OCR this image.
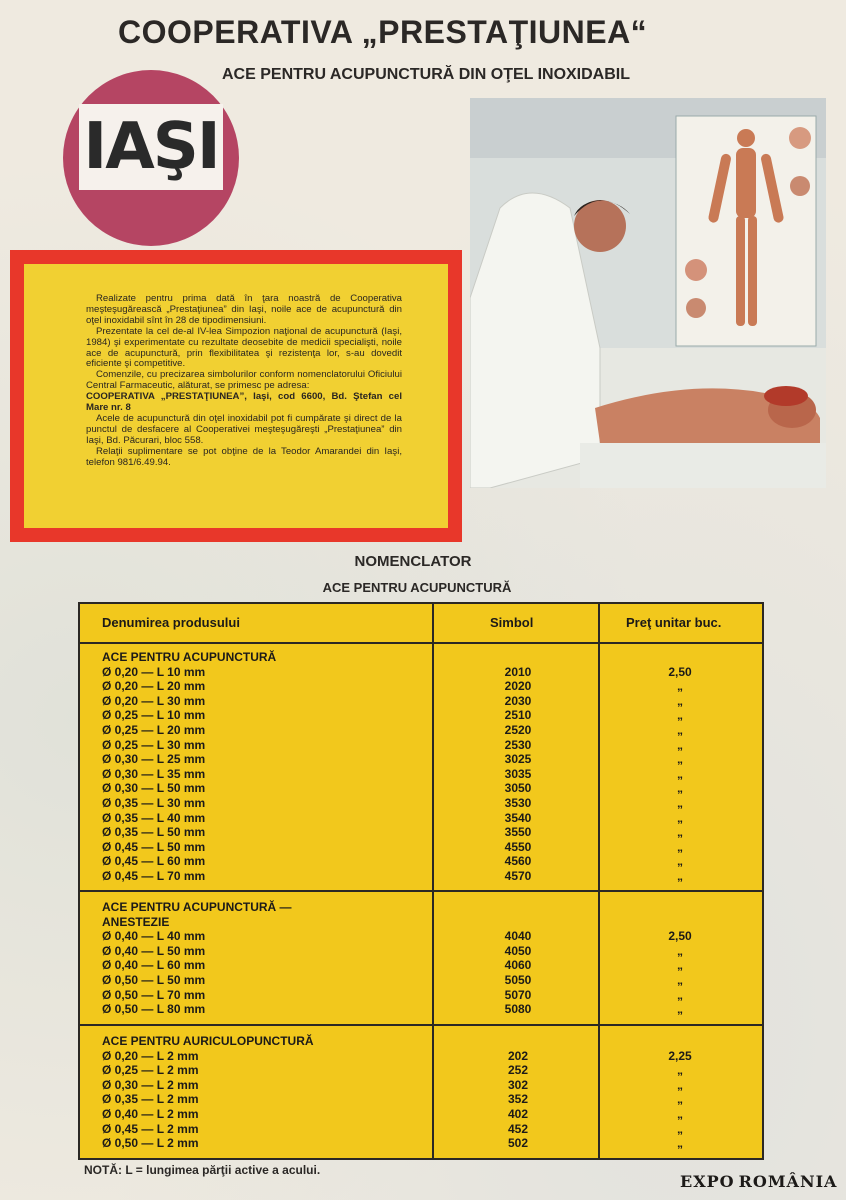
COOPERATIVA „PRESTAŢIUNEA“
ACE PENTRU ACUPUNCTURĂ DIN OŢEL INOXIDABIL
IAŞI

Realizate pentru prima dată în ţara noastră de Cooperativa meşteşugărească „Prestaţiunea” din Iaşi, noile ace de acupunctură din oţel inoxidabil sînt în 28 de tipodimensiuni.

Prezentate la cel de-al IV-lea Simpozion naţional de acupunctură (Iaşi, 1984) şi experimentate cu rezultate deosebite de medicii specialişti, noile ace de acupunctură, prin flexibilitatea şi rezistenţa lor, s-au dovedit eficiente şi competitive.

Comenzile, cu precizarea simbolurilor conform nomenclatorului Oficiului Central Farmaceutic, alăturat, se primesc pe adresa:

COOPERATIVA „PRESTAŢIUNEA”, Iaşi, cod 6600, Bd. Ştefan cel Mare nr. 8

Acele de acupunctură din oţel inoxidabil pot fi cumpărate şi direct de la punctul de desfacere al Cooperativei meşteşugăreşti „Prestaţiunea” din Iaşi, Bd. Păcurari, bloc 558.

Relaţii suplimentare se pot obţine de la Teodor Amarandei din Iaşi, telefon 981/6.49.94.

NOMENCLATOR
ACE PENTRU ACUPUNCTURĂ
Denumirea produsului	Simbol	Preţ unitar buc.
ACE PENTRU ACUPUNCTURĂ
Ø 0,20 — L 10 mm	2010	2,50
Ø 0,20 — L 20 mm	2020	„
Ø 0,20 — L 30 mm	2030	„
Ø 0,25 — L 10 mm	2510	„
Ø 0,25 — L 20 mm	2520	„
Ø 0,25 — L 30 mm	2530	„
Ø 0,30 — L 25 mm	3025	„
Ø 0,30 — L 35 mm	3035	„
Ø 0,30 — L 50 mm	3050	„
Ø 0,35 — L 30 mm	3530	„
Ø 0,35 — L 40 mm	3540	„
Ø 0,35 — L 50 mm	3550	„
Ø 0,45 — L 50 mm	4550	„
Ø 0,45 — L 60 mm	4560	„
Ø 0,45 — L 70 mm	4570	„
ACE PENTRU ACUPUNCTURĂ —
ANESTEZIE
Ø 0,40 — L 40 mm	4040	2,50
Ø 0,40 — L 50 mm	4050	„
Ø 0,40 — L 60 mm	4060	„
Ø 0,50 — L 50 mm	5050	„
Ø 0,50 — L 70 mm	5070	„
Ø 0,50 — L 80 mm	5080	„
ACE PENTRU AURICULOPUNCTURĂ
Ø 0,20 — L 2 mm	202	2,25
Ø 0,25 — L 2 mm	252	„
Ø 0,30 — L 2 mm	302	„
Ø 0,35 — L 2 mm	352	„
Ø 0,40 — L 2 mm	402	„
Ø 0,45 — L 2 mm	452	„
Ø 0,50 — L 2 mm	502	„
NOTĂ: L = lungimea părţii active a acului.
EXPO ROMÂNIA
